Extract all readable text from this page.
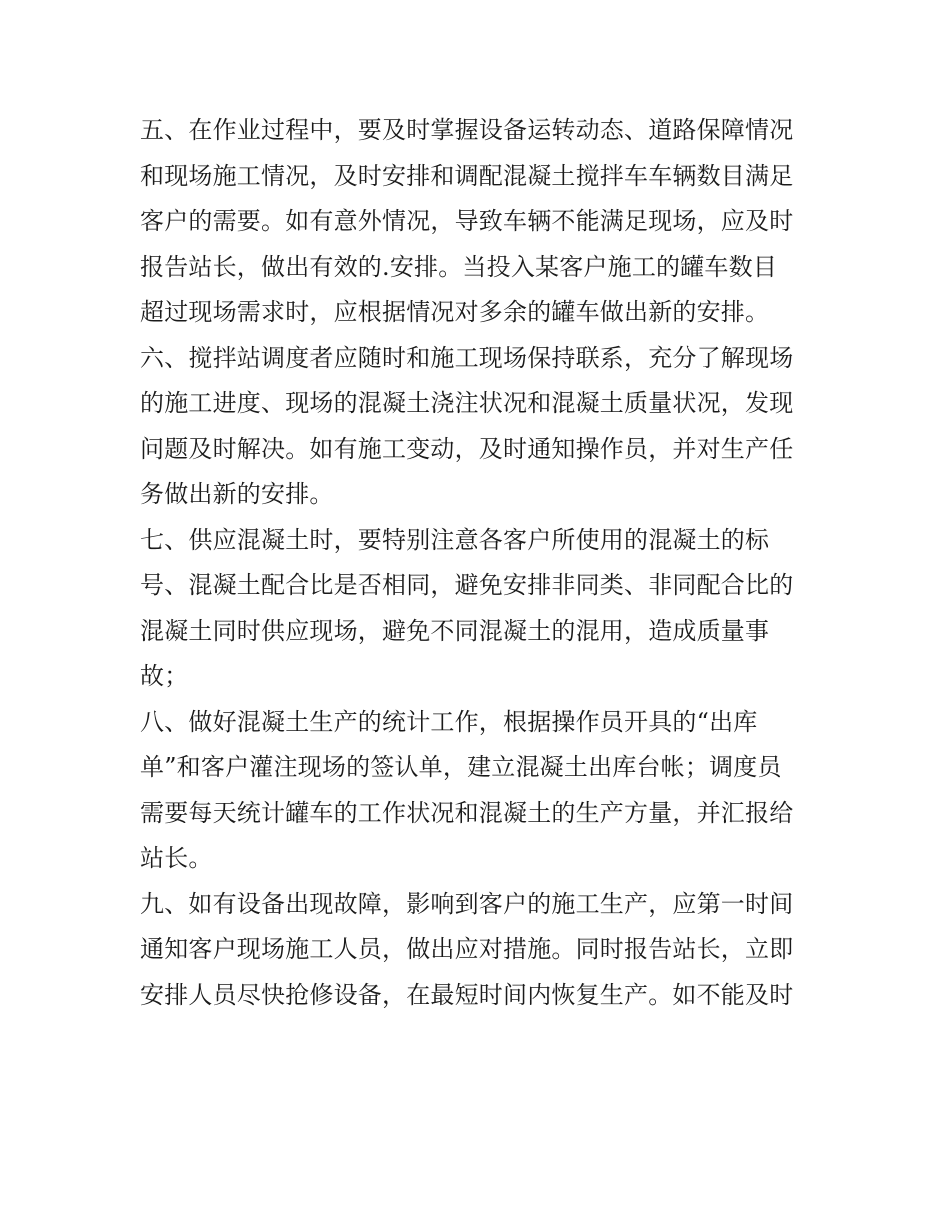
五、在作业过程中，要及时掌握设备运转动态、道路保障情况
和现场施工情况，及时安排和调配混凝土搅拌车车辆数目满足
客户的需要。如有意外情况，导致车辆不能满足现场，应及时
报告站长，做出有效的.安排。当投入某客户施工的罐车数目
超过现场需求时，应根据情况对多余的罐车做出新的安排。
六、搅拌站调度者应随时和施工现场保持联系，充分了解现场
的施工进度、现场的混凝土浇注状况和混凝土质量状况，发现
问题及时解决。如有施工变动，及时通知操作员，并对生产任
务做出新的安排。
七、供应混凝土时，要特别注意各客户所使用的混凝土的标
号、混凝土配合比是否相同，避免安排非同类、非同配合比的
混凝土同时供应现场，避免不同混凝土的混用，造成质量事
故；
八、做好混凝土生产的统计工作，根据操作员开具的“出库
单”和客户灌注现场的签认单，建立混凝土出库台帐；调度员
需要每天统计罐车的工作状况和混凝土的生产方量，并汇报给
站长。
九、如有设备出现故障，影响到客户的施工生产，应第一时间
通知客户现场施工人员，做出应对措施。同时报告站长，立即
安排人员尽快抢修设备，在最短时间内恢复生产。如不能及时
